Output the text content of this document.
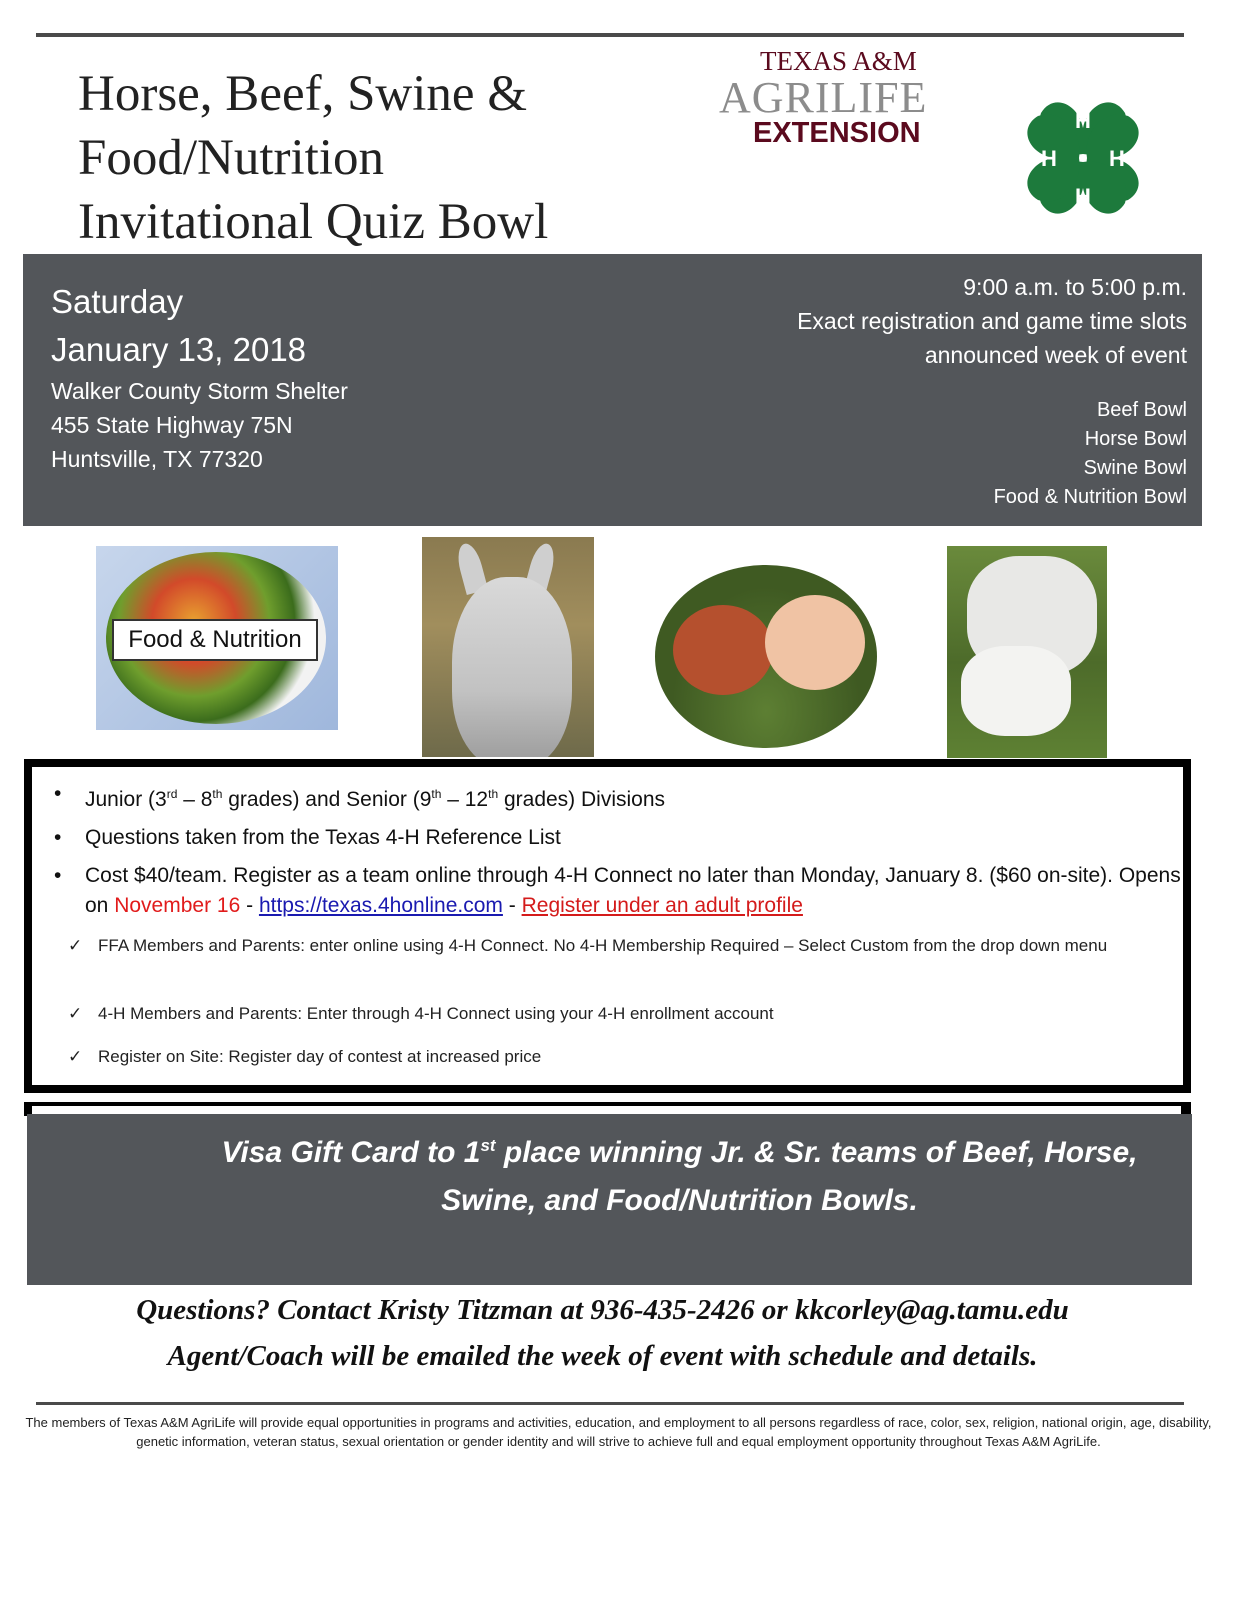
Horse, Beef, Swine &
Food/Nutrition
Invitational Quiz Bowl
TEXAS A&M
AGRILIFE
EXTENSION	H
H
H
H
Saturday
January 13, 2018
Walker County Storm Shelter
455 State Highway 75N
Huntsville, TX 77320
9:00 a.m. to 5:00 p.m.
Exact registration and game time slots
announced week of event
Beef Bowl
Horse Bowl
Swine Bowl
Food & Nutrition Bowl
Food & Nutrition
• Junior (3rd – 8th grades) and Senior (9th – 12th grades) Divisions
• Questions taken from the Texas 4-H Reference List
• Cost $40/team. Register as a team online through 4-H Connect no later than Monday, January 8. ($60 on-site). Opens on November 16 - https://texas.4honline.com - Register under an adult profile
✓ FFA Members and Parents: enter online using 4-H Connect. No 4-H Membership Required – Select Custom from the drop down menu
✓ 4-H Members and Parents: Enter through 4-H Connect using your 4-H enrollment account
✓ Register on Site: Register day of contest at increased price
Visa Gift Card to 1st place winning Jr. & Sr. teams of Beef, Horse,
Swine, and Food/Nutrition Bowls.
Questions? Contact Kristy Titzman at 936-435-2426 or kkcorley@ag.tamu.edu
Agent/Coach will be emailed the week of event with schedule and details.
The members of Texas A&M AgriLife will provide equal opportunities in programs and activities, education, and employment to all persons regardless of race, color, sex, religion, national origin, age, disability, genetic information, veteran status, sexual orientation or gender identity and will strive to achieve full and equal employment opportunity throughout Texas A&M AgriLife.
